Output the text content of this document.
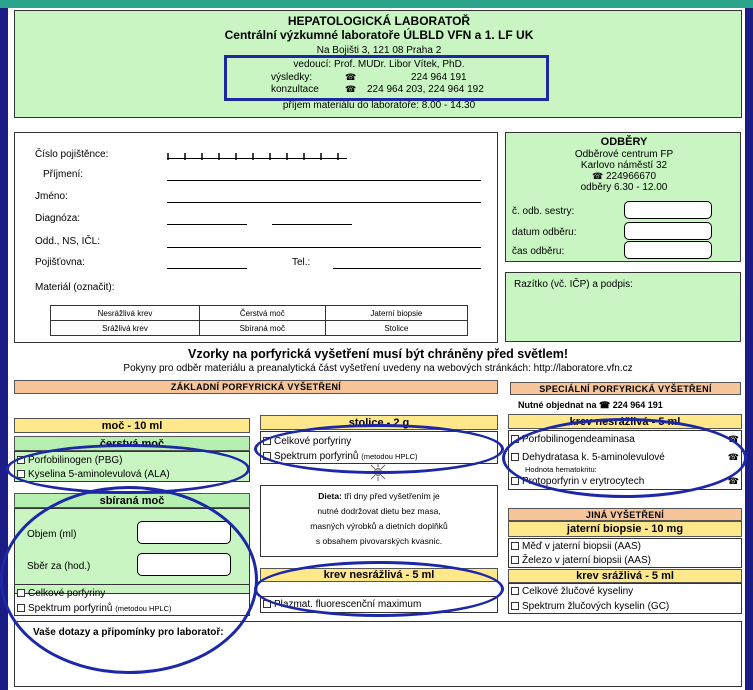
HEPATOLOGICKÁ LABORATOŘ
Centrální výzkumné laboratoře ÚLBLD VFN a 1. LF UK
Na Bojišti 3, 121 08 Praha 2
vedoucí: Prof. MUDr. Libor Vítek, PhD.
výsledky:	☎	224 964 191
konzultace	☎ 224 964 203, 224 964 192
příjem materiálu do laboratoře: 8.00 - 14.30
Číslo pojištěnce:
Příjmení:
Jméno:
Diagnóza:
Odd., NS, IČL:
Pojišťovna:	Tel.:
Materiál (označit):
Nesrážlivá krev	Čerstvá moč	Jaterní biopsie
Srážlivá krev	Sbíraná moč	Stolice
ODBĚRY
Odběrové centrum FP
Karlovo náměstí 32
☎ 224966670
odběry 6.30 - 12.00
č. odb. sestry:
datum odběru:
čas odběru:
Razítko (vč. IČP) a podpis:
Vzorky na porfyrická vyšetření musí být chráněny před světlem!
Pokyny pro odběr materiálu a preanalytická část vyšetření uvedeny na webových stránkách: http://laboratore.vfn.cz
ZÁKLADNÍ PORFYRICKÁ VYŠETŘENÍ	SPECIÁLNÍ PORFYRICKÁ VYŠETŘENÍ
moč - 10 ml
čerstvá moč
Porfobilinogen (PBG)
Kyselina 5-aminolevulová (ALA)
sbíraná moč
Objem (ml)
Sběr za (hod.)
Celkové porfyriny
Spektrum porfyrinů (metodou HPLC)
stolice - 2 g
Celkové porfyriny
Spektrum porfyrinů (metodou HPLC)
Dieta: tři dny před vyšetřením je
nutné dodržovat dietu bez masa,
masných výrobků a dietních doplňků
s obsahem pivovarských kvasnic.
krev nesrážlivá - 5 ml
Plazmat. fluorescenční maximum
Nutné objednat na ☎ 224 964 191
krev nesrážlivá - 5 ml
Porfobilinogendeaminasa	☎
Dehydratasa k. 5-aminolevulové	☎
Hodnota hematokritu:
Protoporfyrin v erytrocytech	☎
JINÁ VYŠETŘENÍ
jaterní biopsie - 10 mg
Měď v jaterní biopsii (AAS)
Železo v jaterní biopsii (AAS)
krev srážlivá - 5 ml
Celkové žlučové kyseliny
Spektrum žlučových kyselin (GC)
Vaše dotazy a připomínky pro laboratoř:
